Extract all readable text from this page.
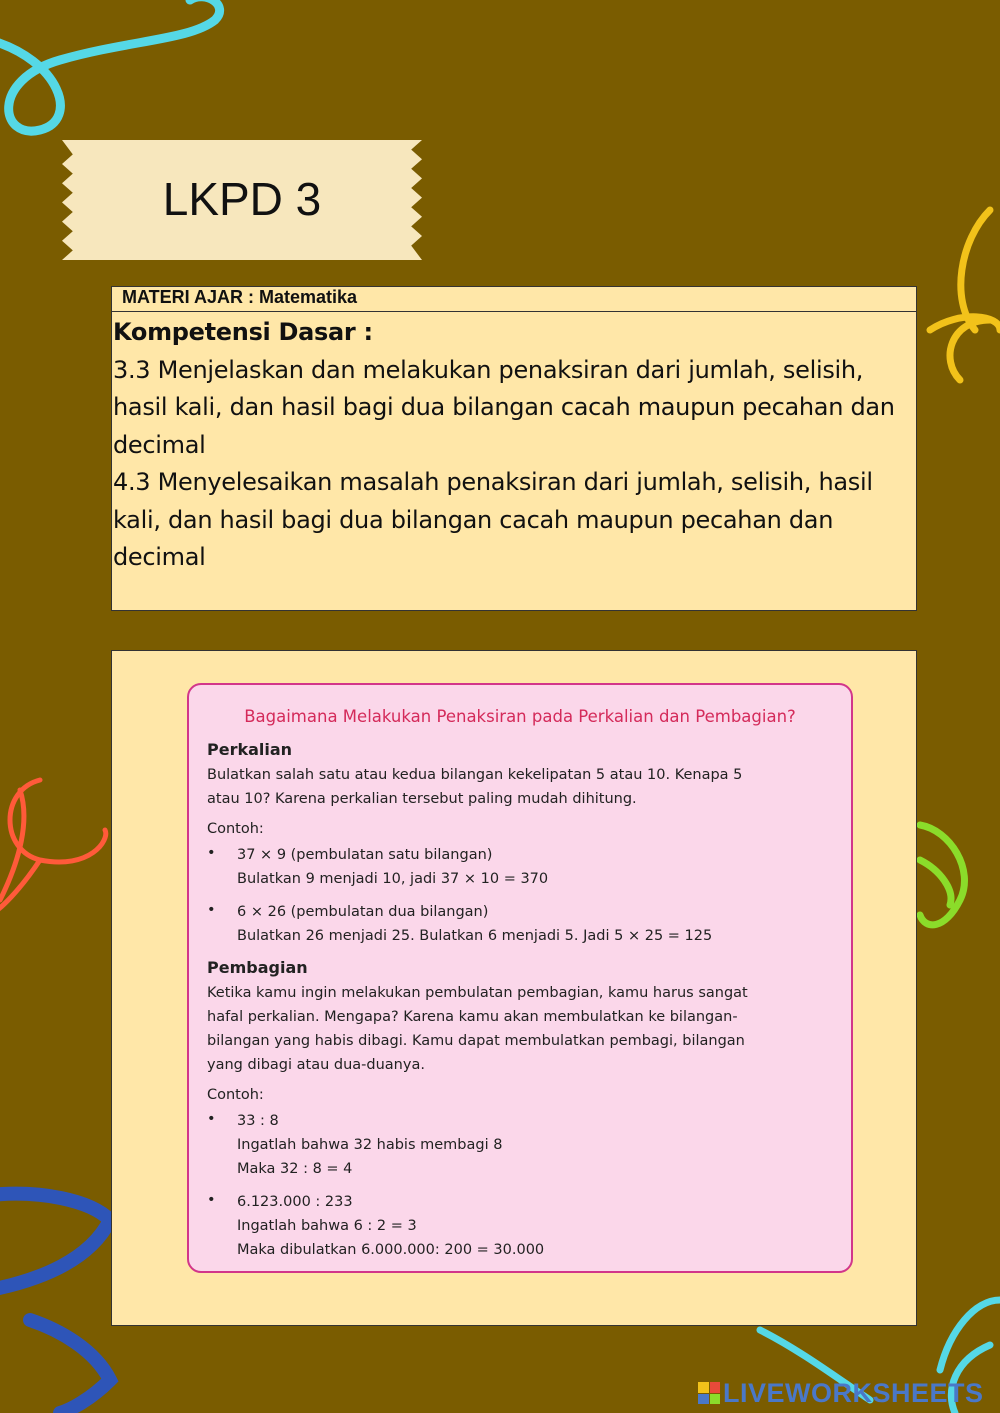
LKPD 3
MATERI AJAR : Matematika
Kompetensi Dasar :
3.3 Menjelaskan dan melakukan penaksiran dari jumlah, selisih, hasil kali, dan hasil bagi dua bilangan cacah maupun pecahan dan decimal
4.3 Menyelesaikan masalah penaksiran dari jumlah, selisih, hasil kali, dan hasil bagi dua bilangan cacah maupun pecahan dan decimal
Bagaimana Melakukan Penaksiran pada Perkalian dan Pembagian?
Perkalian
Bulatkan salah satu atau kedua bilangan kekelipatan 5 atau 10. Kenapa 5
atau 10? Karena perkalian tersebut paling mudah dihitung.
Contoh:
• 37 × 9 (pembulatan satu bilangan)
Bulatkan 9 menjadi 10, jadi 37 × 10 = 370
• 6 × 26 (pembulatan dua bilangan)
Bulatkan 26 menjadi 25. Bulatkan 6 menjadi 5. Jadi 5 × 25 = 125
Pembagian
Ketika kamu ingin melakukan pembulatan pembagian, kamu harus sangat
hafal perkalian. Mengapa? Karena kamu akan membulatkan ke bilangan-
bilangan yang habis dibagi. Kamu dapat membulatkan pembagi, bilangan
yang dibagi atau dua-duanya.
Contoh:
• 33 : 8
Ingatlah bahwa 32 habis membagi 8
Maka 32 : 8 = 4
• 6.123.000 : 233
Ingatlah bahwa 6 : 2 = 3
Maka dibulatkan 6.000.000: 200 = 30.000
LIVEWORKSHEETS
